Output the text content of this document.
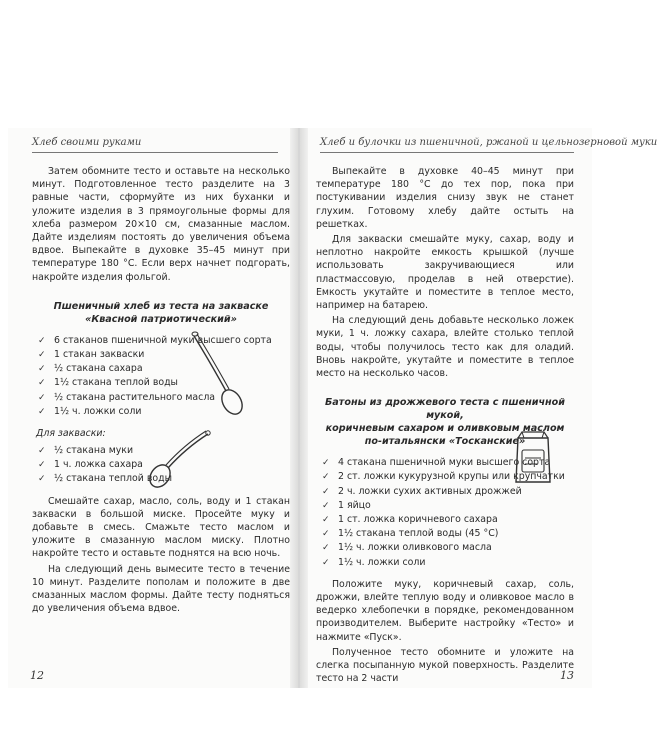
Хлеб своими руками

Затем обомните тесто и оставьте на несколько минут. Подготовленное тесто разделите на 3 равные части, сформуйте из них буханки и уложите изделия в 3 прямоугольные формы для хлеба размером 20×10 см, смазанные маслом. Дайте изделиям постоять до увеличения объема вдвое. Выпекайте в духовке 35–45 минут при температуре 180 °С. Если верх начнет подгорать, накройте изделия фольгой.

Пшеничный хлеб из теста на закваске
«Квасной патриотический»
✓ 6 стаканов пшеничной муки высшего сорта
✓ 1 стакан закваски
✓ ½ стакана сахара
✓ 1½ стакана теплой воды
✓ ½ стакана растительного масла
✓ 1½ ч. ложки соли
Для закваски:
✓ ½ стакана муки
✓ 1 ч. ложка сахара
✓ ½ стакана теплой воды

Смешайте сахар, масло, соль, воду и 1 стакан закваски в большой миске. Просейте муку и добавьте в смесь. Смажьте тесто маслом и уложите в смазанную маслом миску. Плотно накройте тесто и оставьте поднятся на всю ночь.

На следующий день вымесите тесто в течение 10 минут. Разделите пополам и положите в две смазанных маслом формы. Дайте тесту подняться до увеличения объема вдвое.

12
Хлеб и булочки из пшеничной, ржаной и цельнозерновой муки

Выпекайте в духовке 40–45 минут при температуре 180 °С до тех пор, пока при постукивании изделия снизу звук не станет глухим. Готовому хлебу дайте остыть на решетках.

Для закваски смешайте муку, сахар, воду и неплотно накройте емкость крышкой (лучше использовать закручивающиеся или пластмассовую, проделав в ней отверстие). Емкость укутайте и поместите в теплое место, например на батарею.

На следующий день добавьте несколько ложек муки, 1 ч. ложку сахара, влейте столько теплой воды, чтобы получилось тесто как для оладий. Вновь накройте, укутайте и поместите в теплое место на несколько часов.

Батоны из дрожжевого теста с пшеничной мукой,
коричневым сахаром и оливковым маслом
по-итальянски «Тосканские»
✓ 4 стакана пшеничной муки высшего сорта
✓ 2 ст. ложки кукурузной крупы или крупчатки
✓ 2 ч. ложки сухих активных дрожжей
✓ 1 яйцо
✓ 1 ст. ложка коричневого сахара
✓ 1½ стакана теплой воды (45 °С)
✓ 1½ ч. ложки оливкового масла
✓ 1½ ч. ложки соли

Положите муку, коричневый сахар, соль, дрожжи, влейте теплую воду и оливковое масло в ведерко хлебопечки в порядке, рекомендованном производителем. Выберите настройку «Тесто» и нажмите «Пуск».

Полученное тесто обомните и уложите на слегка посыпанную мукой поверхность. Разделите тесто на 2 части	13
